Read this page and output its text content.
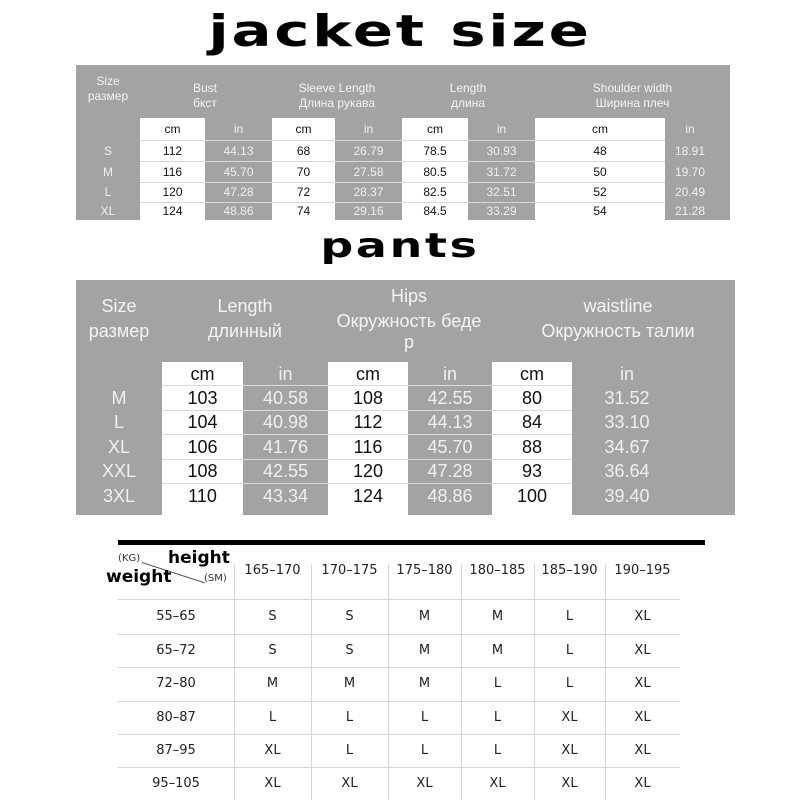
jacket size
Size
размер
Bust
бкст
Sleeve Length
Длина рукава
Length
длина
Shoulder width
Ширина плеч
cm	in	cm	in	cm	in	cm	in
S	112	44.13	68	26.79	78.5	30.93	48	18.91
M	116	45.70	70	27.58	80.5	31.72	50	19.70
L	120	47.28	72	28.37	82.5	32.51	52	20.49
XL	124	48.86	74	29.16	84.5	33.29	54	21.28
pants
Size
размер
Length
длинный
Hips
Окружность беде
р
waistline
Окружность талии
cm	in	cm	in	cm	in
M	103	40.58	108	42.55	80	31.52
L	104	40.98	112	44.13	84	33.10
XL	106	41.76	116	45.70	88	34.67
XXL	108	42.55	120	47.28	93	36.64
3XL	110	43.34	124	48.86	100	39.40
(KG) height
weight	(SM)
165–170	170–175	175–180	180–185	185–190	190–195
55–65	S	S	M	M	L	XL
65–72	S	S	M	M	L	XL
72–80	M	M	M	L	L	XL
80–87	L	L	L	L	XL	XL
87–95	XL	L	L	L	XL	XL
95–105	XL	XL	XL	XL	XL	XL
